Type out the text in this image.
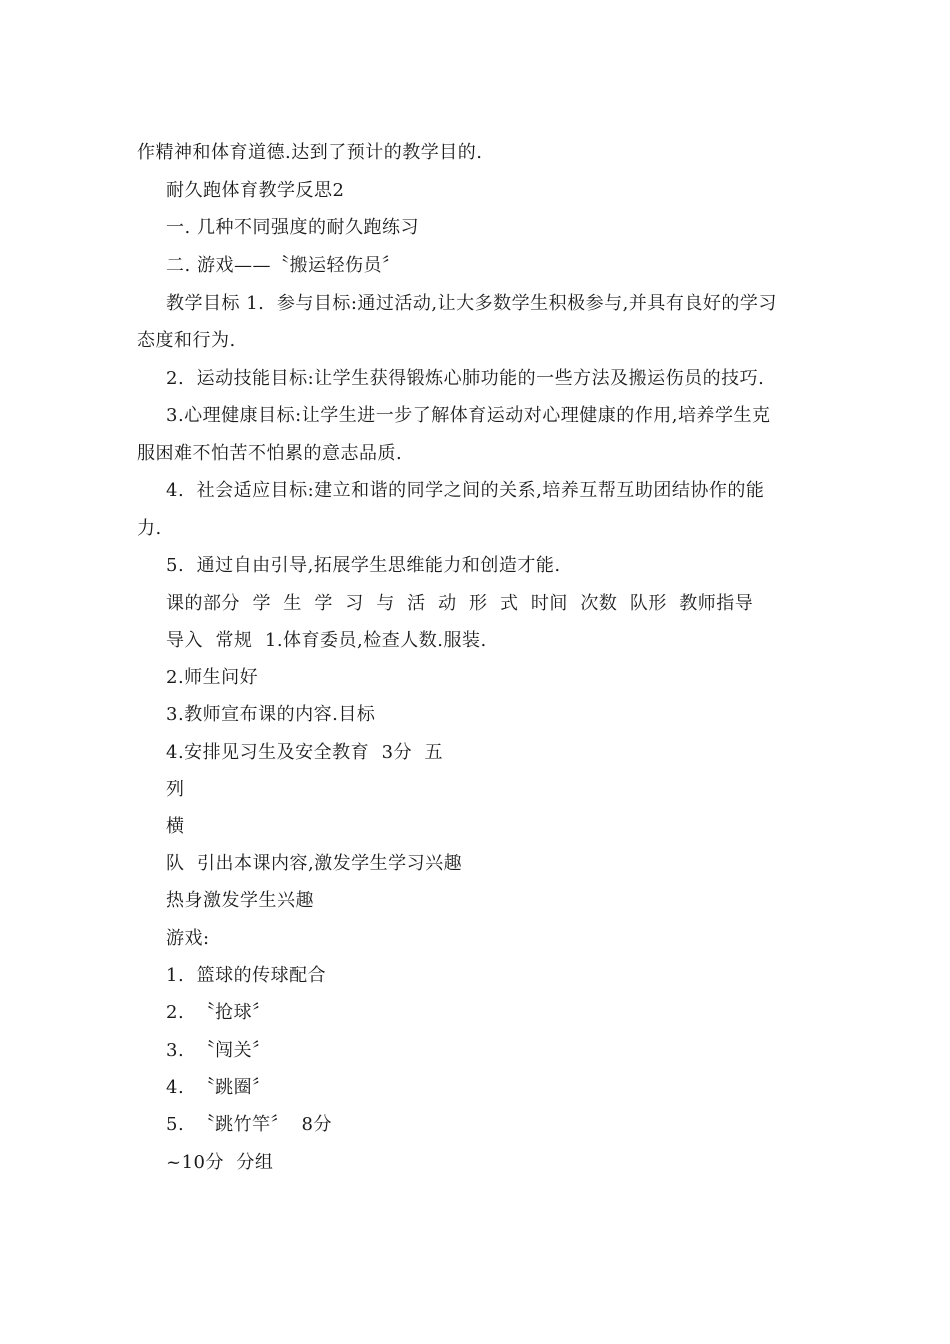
作精神和体育道德.达到了预计的教学目的.
耐久跑体育教学反思2
一. 几种不同强度的耐久跑练习
二. 游戏——〝搬运轻伤员〞
教学目标 1.  参与目标:通过活动,让大多数学生积极参与,并具有良好的学习
态度和行为.
2.  运动技能目标:让学生获得锻炼心肺功能的一些方法及搬运伤员的技巧.
3.心理健康目标:让学生进一步了解体育运动对心理健康的作用,培养学生克
服困难不怕苦不怕累的意志品质.
4.  社会适应目标:建立和谐的同学之间的关系,培养互帮互助团结协作的能
力.
5.  通过自由引导,拓展学生思维能力和创造才能.
课的部分  学  生  学  习  与  活  动  形  式  时间  次数  队形  教师指导
导入  常规  1.体育委员,检查人数.服装.
2.师生问好
3.教师宣布课的内容.目标
4.安排见习生及安全教育  3分  五
列
横
队  引出本课内容,激发学生学习兴趣
热身激发学生兴趣
游戏:
1.  篮球的传球配合
2.  〝抢球〞
3.  〝闯关〞
4.  〝跳圈〞
5.  〝跳竹竿〞  8分
~10分  分组
